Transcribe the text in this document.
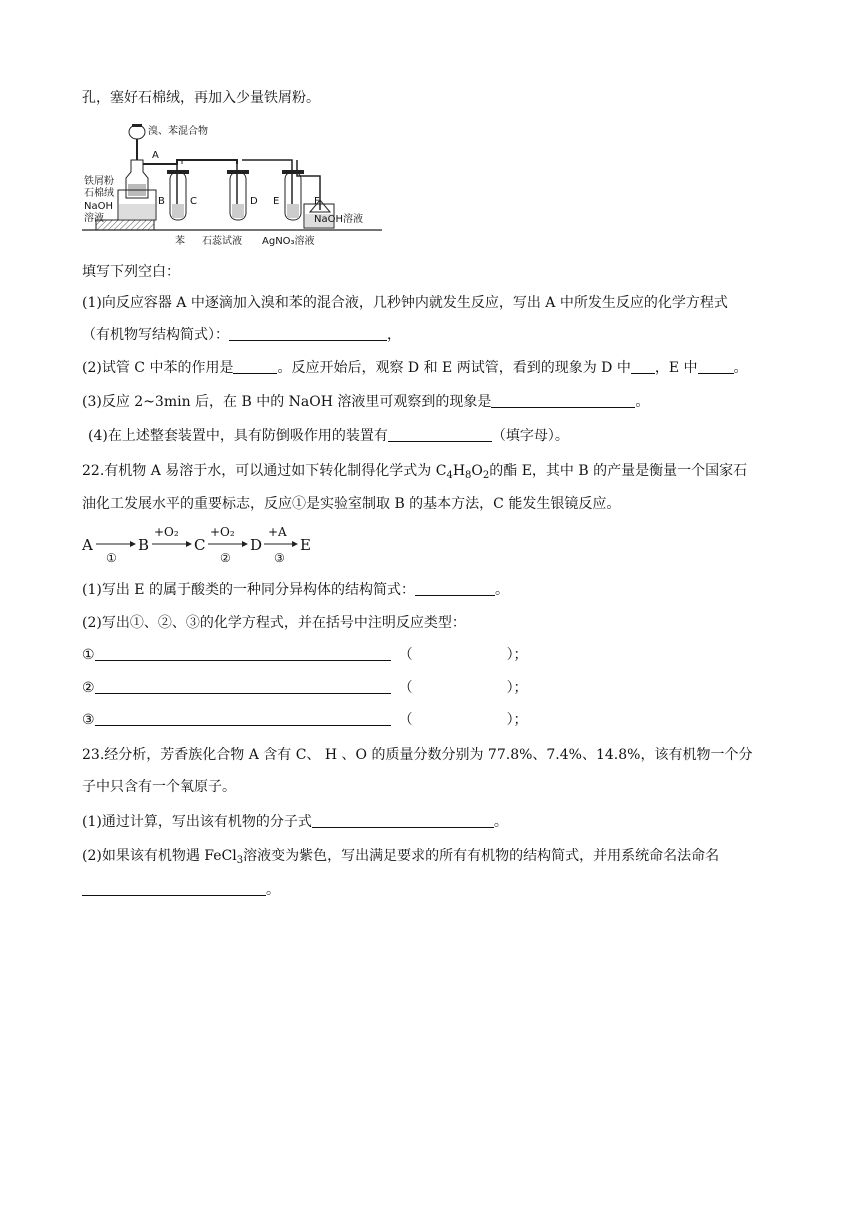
孔，塞好石棉绒，再加入少量铁屑粉。
溴、苯混合物
A
铁屑粉
石棉绒
NaOH
溶液
B	C	D E	F
NaOH溶液
苯 石蕊试液 AgNO₃溶液
填写下列空白：
(1)向反应容器 A 中逐滴加入溴和苯的混合液，几秒钟内就发生反应，写出 A 中所发生反应的化学方程式
（有机物写结构简式）：	，
(2)试管 C 中苯的作用是	。反应开始后，观察 D 和 E 两试管，看到的现象为 D 中 ，E 中	。
(3)反应 2~3min 后，在 B 中的 NaOH 溶液里可观察到的现象是	。
(4)在上述整套装置中，具有防倒吸作用的装置有	（填字母）。
22.有机物 A 易溶于水，可以通过如下转化制得化学式为 $C_4H_8O_2$的酯 E，其中 B 的产量是衡量一个国家石
油化工发展水平的重要标志，反应①是实验室制取 B 的基本方法，C 能发生银镜反应。
A
①
B
+O₂
C
+O₂
②
D
+A
③
E
(1)写出 E 的属于酸类的一种同分异构体的结构简式：	。
(2)写出①、②、③的化学方程式，并在括号中注明反应类型：
①	（	）；
②	（	）；
③	（	）；
23.经分析，芳香族化合物 A 含有 C、 H 、O 的质量分数分别为 77.8%、7.4%、14.8%，该有机物一个分
子中只含有一个氧原子。
(1)通过计算，写出该有机物的分子式	。
(2)如果该有机物遇 FeCl$_3$溶液变为紫色，写出满足要求的所有有机物的结构简式，并用系统命名法命名
。
